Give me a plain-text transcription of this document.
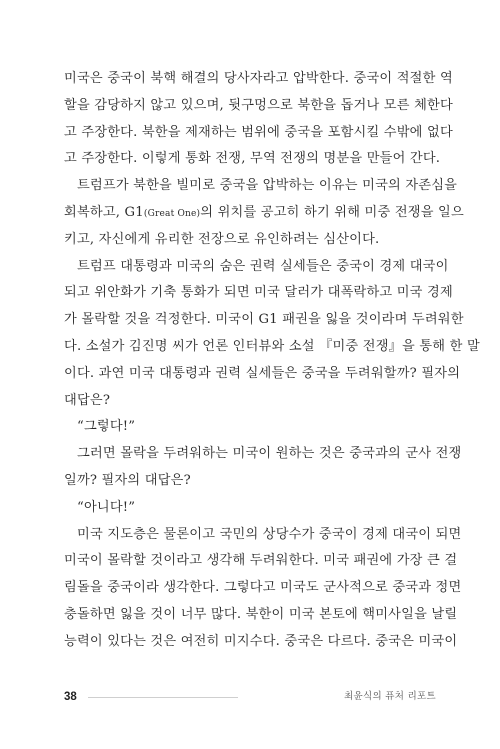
미국은 중국이 북핵 해결의 당사자라고 압박한다. 중국이 적절한 역
할을 감당하지 않고 있으며, 뒷구멍으로 북한을 돕거나 모른 체한다
고 주장한다. 북한을 제재하는 범위에 중국을 포함시킬 수밖에 없다
고 주장한다. 이렇게 통화 전쟁, 무역 전쟁의 명분을 만들어 간다.
트럼프가 북한을 빌미로 중국을 압박하는 이유는 미국의 자존심을
회복하고, G1(Great One)의 위치를 공고히 하기 위해 미중 전쟁을 일으
키고, 자신에게 유리한 전장으로 유인하려는 심산이다.
트럼프 대통령과 미국의 숨은 권력 실세들은 중국이 경제 대국이
되고 위안화가 기축 통화가 되면 미국 달러가 대폭락하고 미국 경제
가 몰락할 것을 걱정한다. 미국이 G1 패권을 잃을 것이라며 두려워한
다. 소설가 김진명 씨가 언론 인터뷰와 소설 『미중 전쟁』을 통해 한 말
이다. 과연 미국 대통령과 권력 실세들은 중국을 두려워할까? 필자의
대답은?
“그렇다!”
그러면 몰락을 두려워하는 미국이 원하는 것은 중국과의 군사 전쟁
일까? 필자의 대답은?
“아니다!”
미국 지도층은 물론이고 국민의 상당수가 중국이 경제 대국이 되면
미국이 몰락할 것이라고 생각해 두려워한다. 미국 패권에 가장 큰 걸
림돌을 중국이라 생각한다. 그렇다고 미국도 군사적으로 중국과 정면
충돌하면 잃을 것이 너무 많다. 북한이 미국 본토에 핵미사일을 날릴
능력이 있다는 것은 여전히 미지수다. 중국은 다르다. 중국은 미국이
38	최윤식의 퓨처 리포트
